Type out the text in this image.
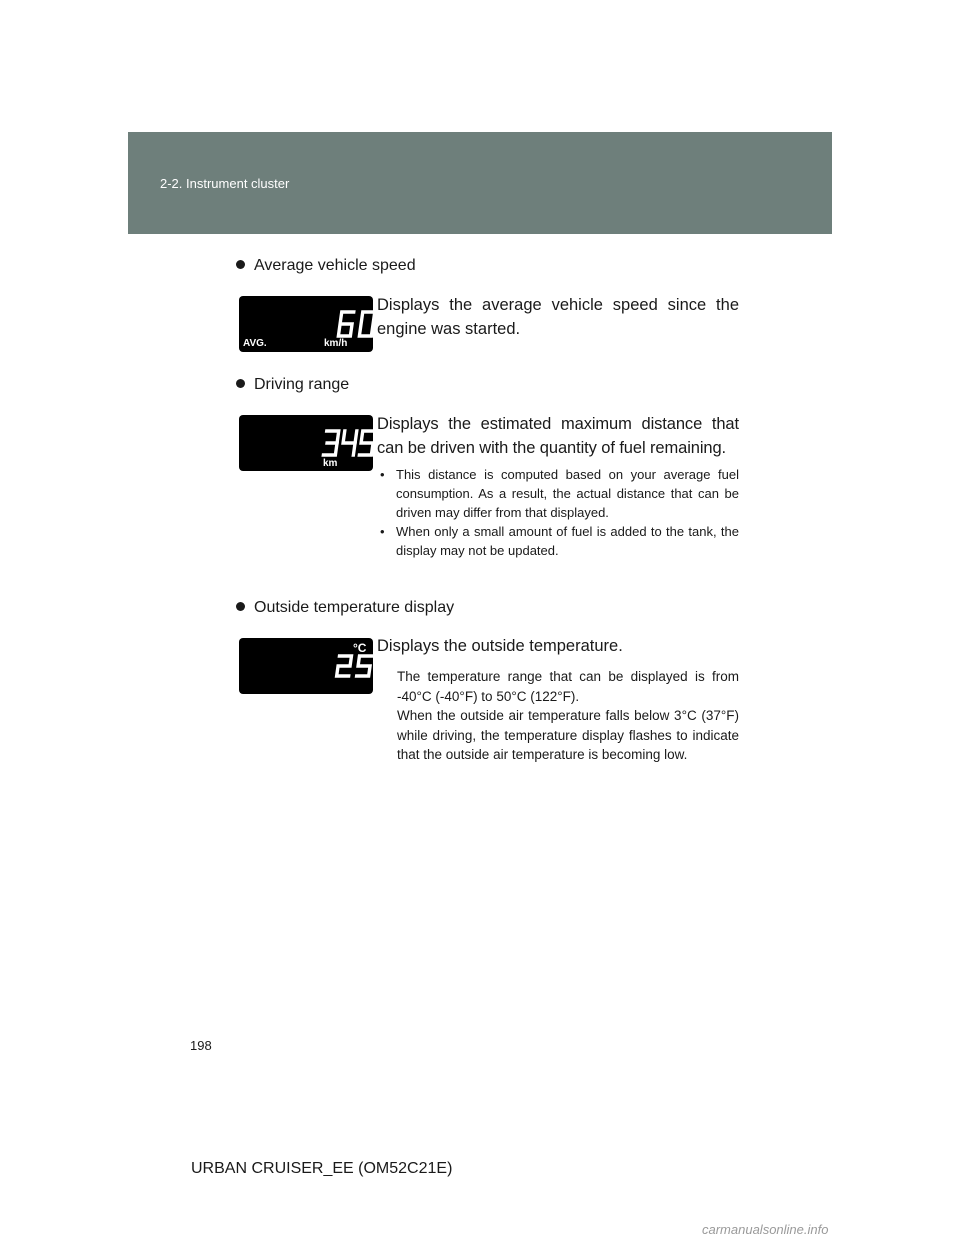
2-2. Instrument cluster
Average vehicle speed
AVG.	km/h
Displays the average vehicle speed since the engine was started.
Driving range
km
Displays the estimated maximum distance that can be driven with the quantity of fuel remaining.
• This distance is computed based on your average fuel consumption. As a result, the actual distance that can be driven may differ from that displayed.
• When only a small amount of fuel is added to the tank, the display may not be updated.
Outside temperature display
°C Displays the outside temperature.
The temperature range that can be displayed is from -40°C (-40°F) to 50°C (122°F).
When the outside air temperature falls below 3°C (37°F) while driving, the temperature display flashes to indicate that the outside air temperature is becoming low.
198
URBAN CRUISER_EE (OM52C21E)
carmanualsonline.info
